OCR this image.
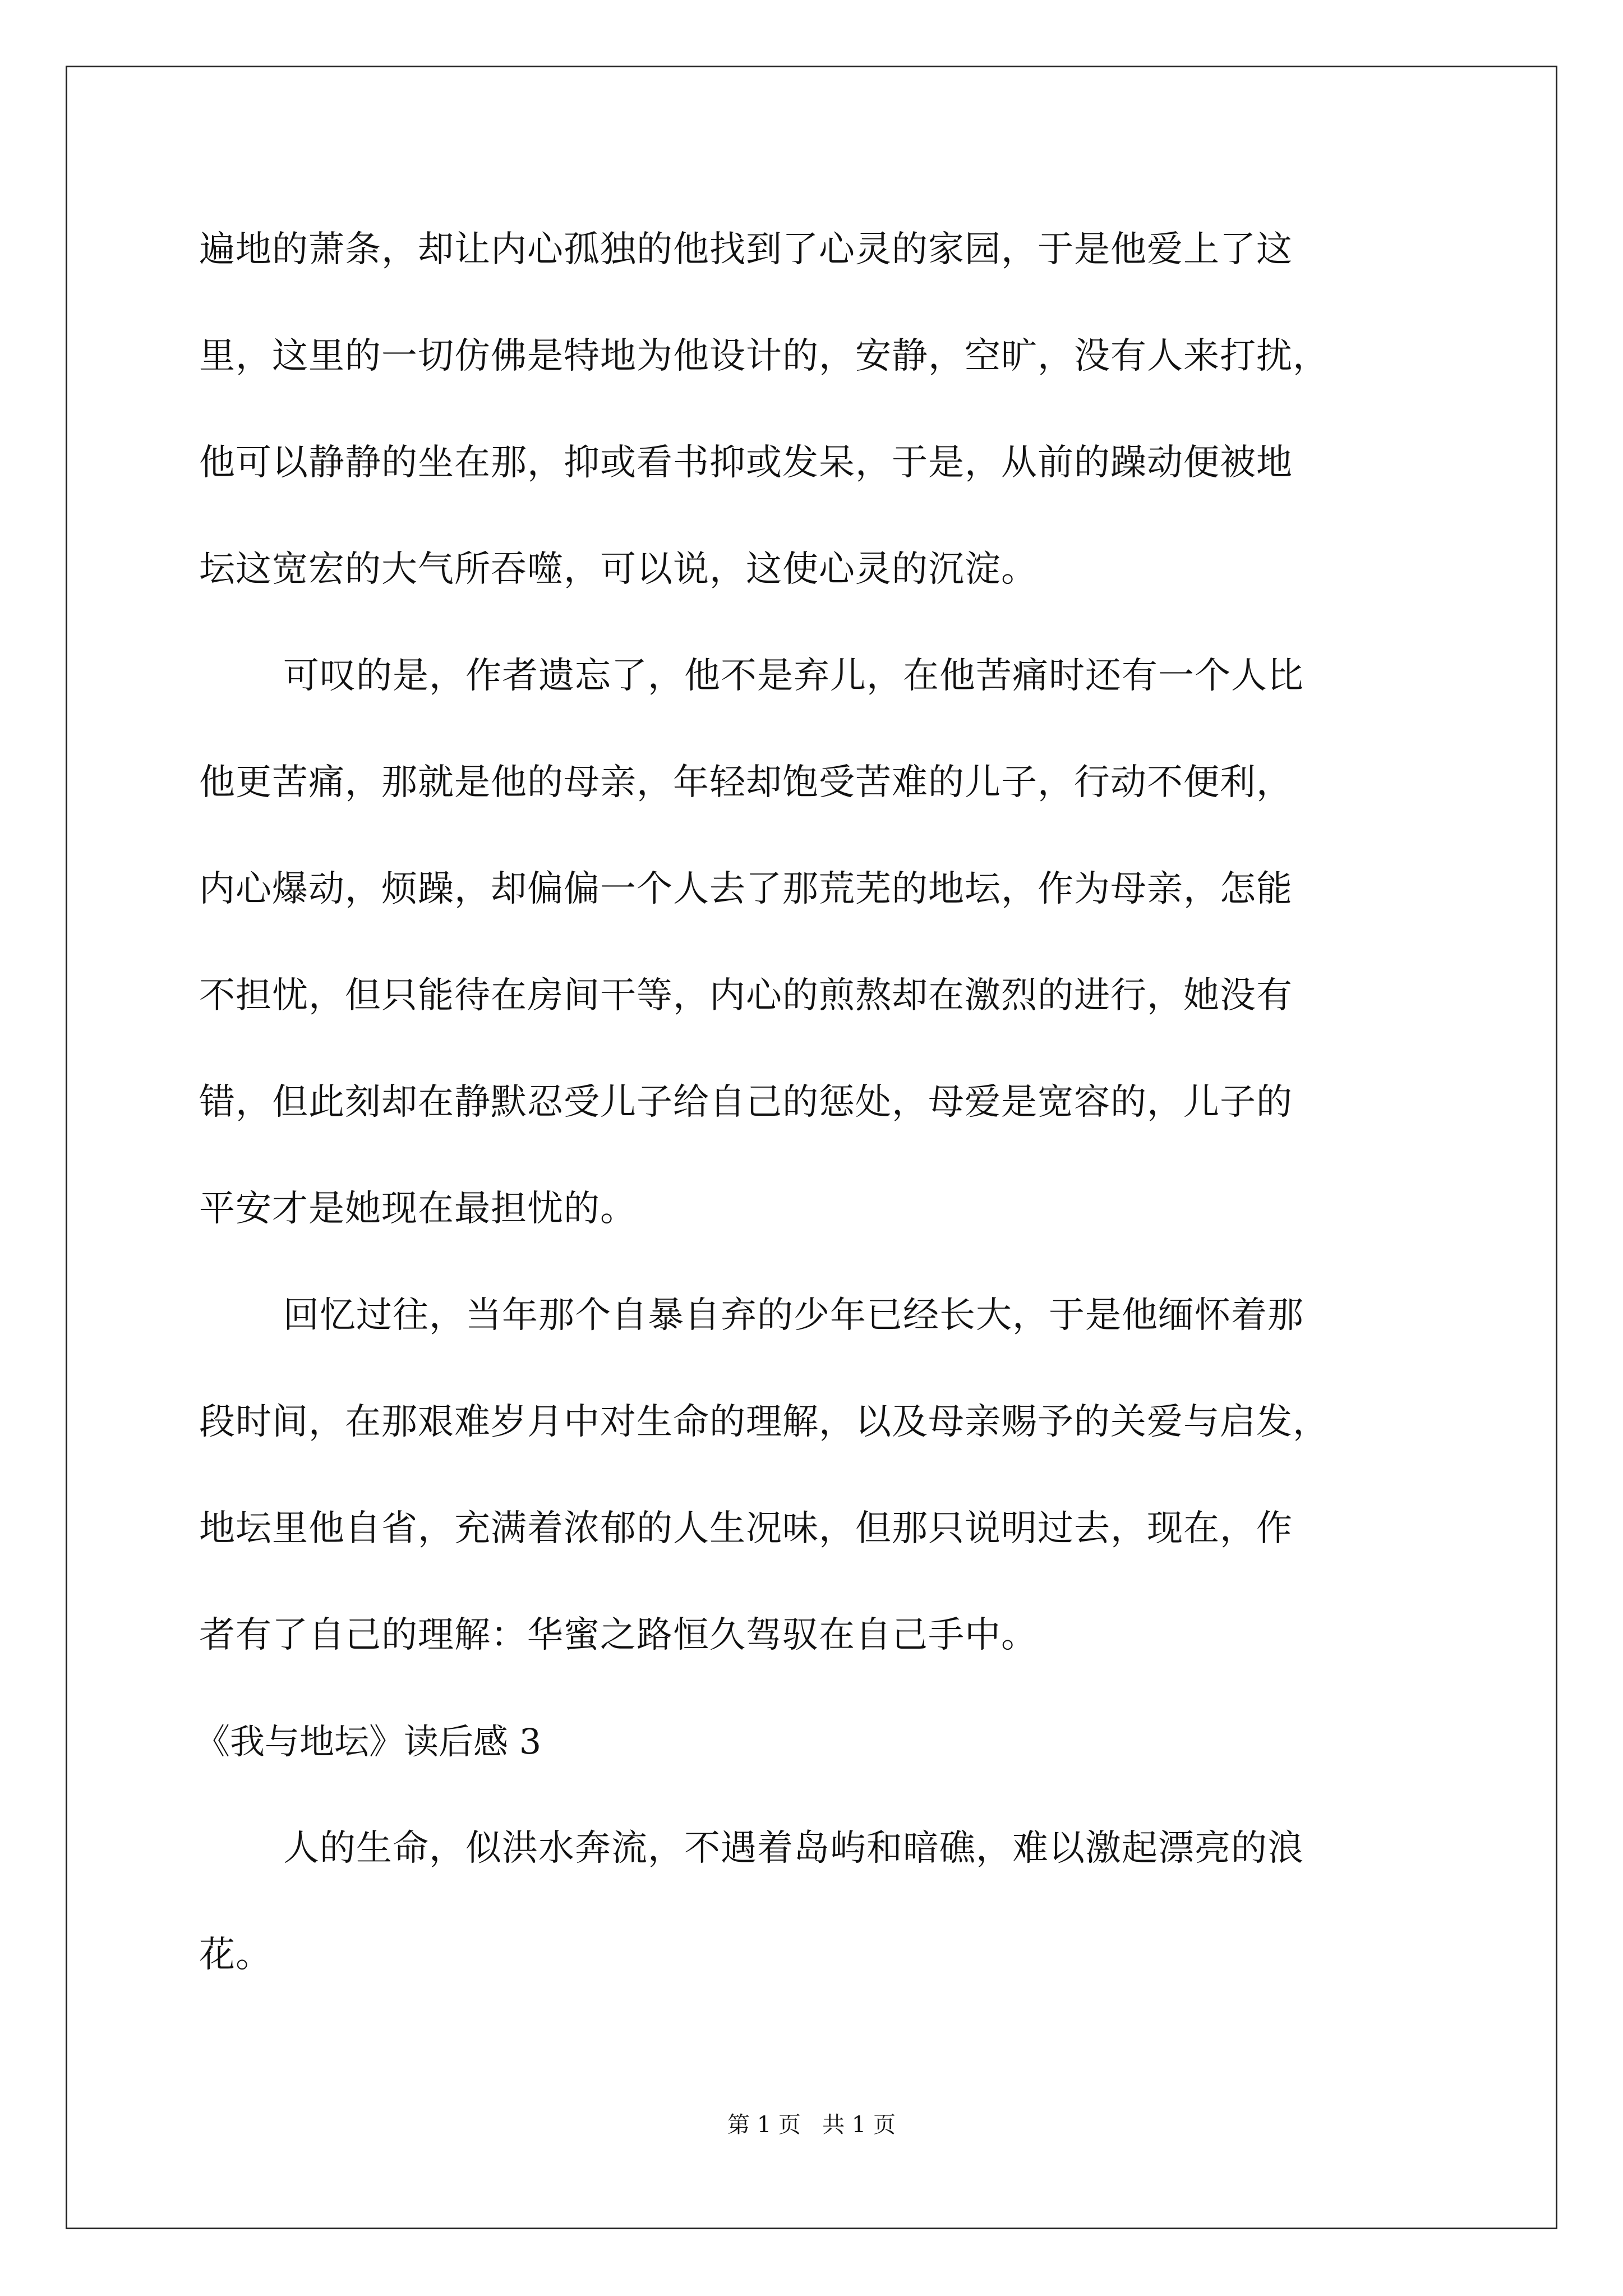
遍地的萧条，却让内心孤独的他找到了心灵的家园，于是他爱上了这
里，这里的一切仿佛是特地为他设计的，安静，空旷，没有人来打扰，
他可以静静的坐在那，抑或看书抑或发呆，于是，从前的躁动便被地
坛这宽宏的大气所吞噬，可以说，这使心灵的沉淀。
可叹的是，作者遗忘了，他不是弃儿，在他苦痛时还有一个人比
他更苦痛，那就是他的母亲，年轻却饱受苦难的儿子，行动不便利，
内心爆动，烦躁，却偏偏一个人去了那荒芜的地坛，作为母亲，怎能
不担忧，但只能待在房间干等，内心的煎熬却在激烈的进行，她没有
错，但此刻却在静默忍受儿子给自己的惩处，母爱是宽容的，儿子的
平安才是她现在最担忧的。
回忆过往，当年那个自暴自弃的少年已经长大，于是他缅怀着那
段时间，在那艰难岁月中对生命的理解，以及母亲赐予的关爱与启发，
地坛里他自省，充满着浓郁的人生况味，但那只说明过去，现在，作
者有了自己的理解：华蜜之路恒久驾驭在自己手中。
《我与地坛》读后感 3
人的生命，似洪水奔流，不遇着岛屿和暗礁，难以激起漂亮的浪
花。
第 1 页   共 1 页
